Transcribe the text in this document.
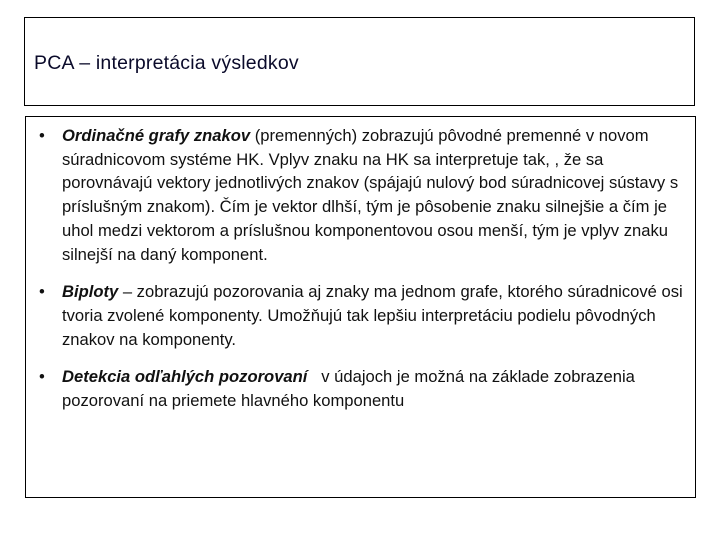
PCA – interpretácia výsledkov
• Ordinačné grafy znakov (premenných) zobrazujú pôvodné premenné v novom súradnicovom systéme HK. Vplyv znaku na HK sa interpretuje tak, , že sa porovnávajú vektory jednotlivých znakov (spájajú nulový bod súradnicovej sústavy s príslušným znakom). Čím je vektor dlhší, tým je pôsobenie znaku silnejšie a čím je uhol medzi vektorom a príslušnou komponentovou osou menší, tým je vplyv znaku silnejší na daný komponent.
• Biploty – zobrazujú pozorovania aj znaky ma jednom grafe, ktorého súradnicové osi tvoria zvolené komponenty. Umožňujú tak lepšiu interpretáciu podielu pôvodných znakov na komponenty.
• Detekcia odľahlých pozorovaní   v údajoch je možná na základe zobrazenia pozorovaní na priemete hlavného komponentu
